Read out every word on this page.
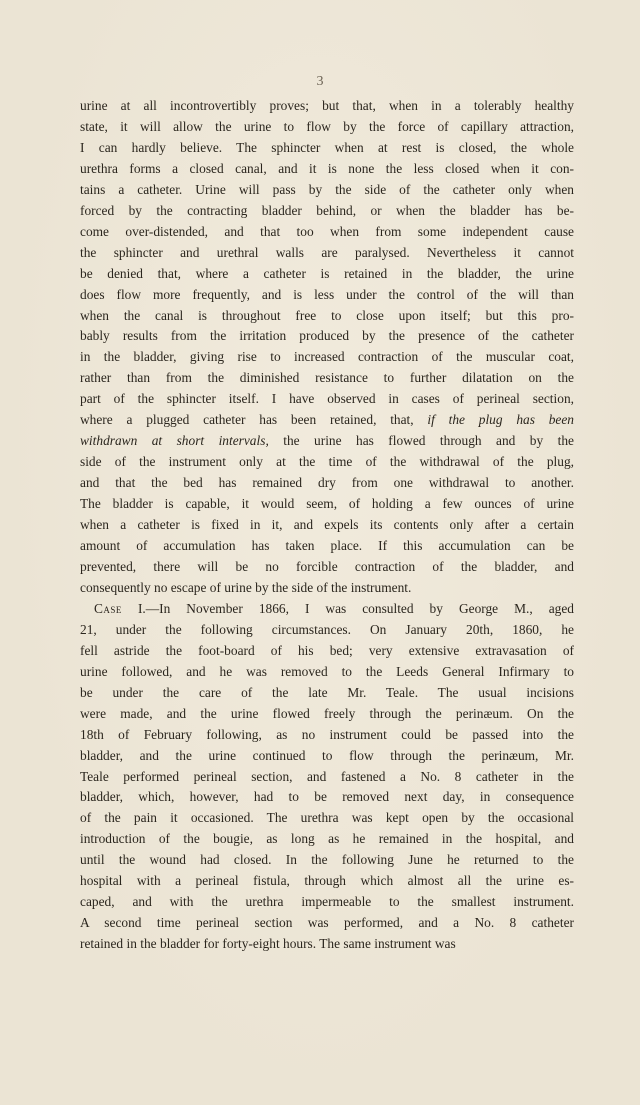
3
urine at all incontrovertibly proves; but that, when in a tolerably healthy
state, it will allow the urine to flow by the force of capillary attraction,
I can hardly believe. The sphincter when at rest is closed, the whole
urethra forms a closed canal, and it is none the less closed when it con-
tains a catheter. Urine will pass by the side of the catheter only when
forced by the contracting bladder behind, or when the bladder has be-
come over-distended, and that too when from some independent cause
the sphincter and urethral walls are paralysed. Nevertheless it cannot
be denied that, where a catheter is retained in the bladder, the urine
does flow more frequently, and is less under the control of the will than
when the canal is throughout free to close upon itself; but this pro-
bably results from the irritation produced by the presence of the catheter
in the bladder, giving rise to increased contraction of the muscular coat,
rather than from the diminished resistance to further dilatation on the
part of the sphincter itself. I have observed in cases of perineal section,
where a plugged catheter has been retained, that, if the plug has been
withdrawn at short intervals, the urine has flowed through and by the
side of the instrument only at the time of the withdrawal of the plug,
and that the bed has remained dry from one withdrawal to another.
The bladder is capable, it would seem, of holding a few ounces of urine
when a catheter is fixed in it, and expels its contents only after a certain
amount of accumulation has taken place. If this accumulation can be
prevented, there will be no forcible contraction of the bladder, and
consequently no escape of urine by the side of the instrument.
Case I.—In November 1866, I was consulted by George M., aged
21, under the following circumstances. On January 20th, 1860, he
fell astride the foot-board of his bed; very extensive extravasation of
urine followed, and he was removed to the Leeds General Infirmary to
be under the care of the late Mr. Teale. The usual incisions
were made, and the urine flowed freely through the perinæum. On the
18th of February following, as no instrument could be passed into the
bladder, and the urine continued to flow through the perinæum, Mr.
Teale performed perineal section, and fastened a No. 8 catheter in the
bladder, which, however, had to be removed next day, in consequence
of the pain it occasioned. The urethra was kept open by the occasional
introduction of the bougie, as long as he remained in the hospital, and
until the wound had closed. In the following June he returned to the
hospital with a perineal fistula, through which almost all the urine es-
caped, and with the urethra impermeable to the smallest instrument.
A second time perineal section was performed, and a No. 8 catheter
retained in the bladder for forty-eight hours. The same instrument was
